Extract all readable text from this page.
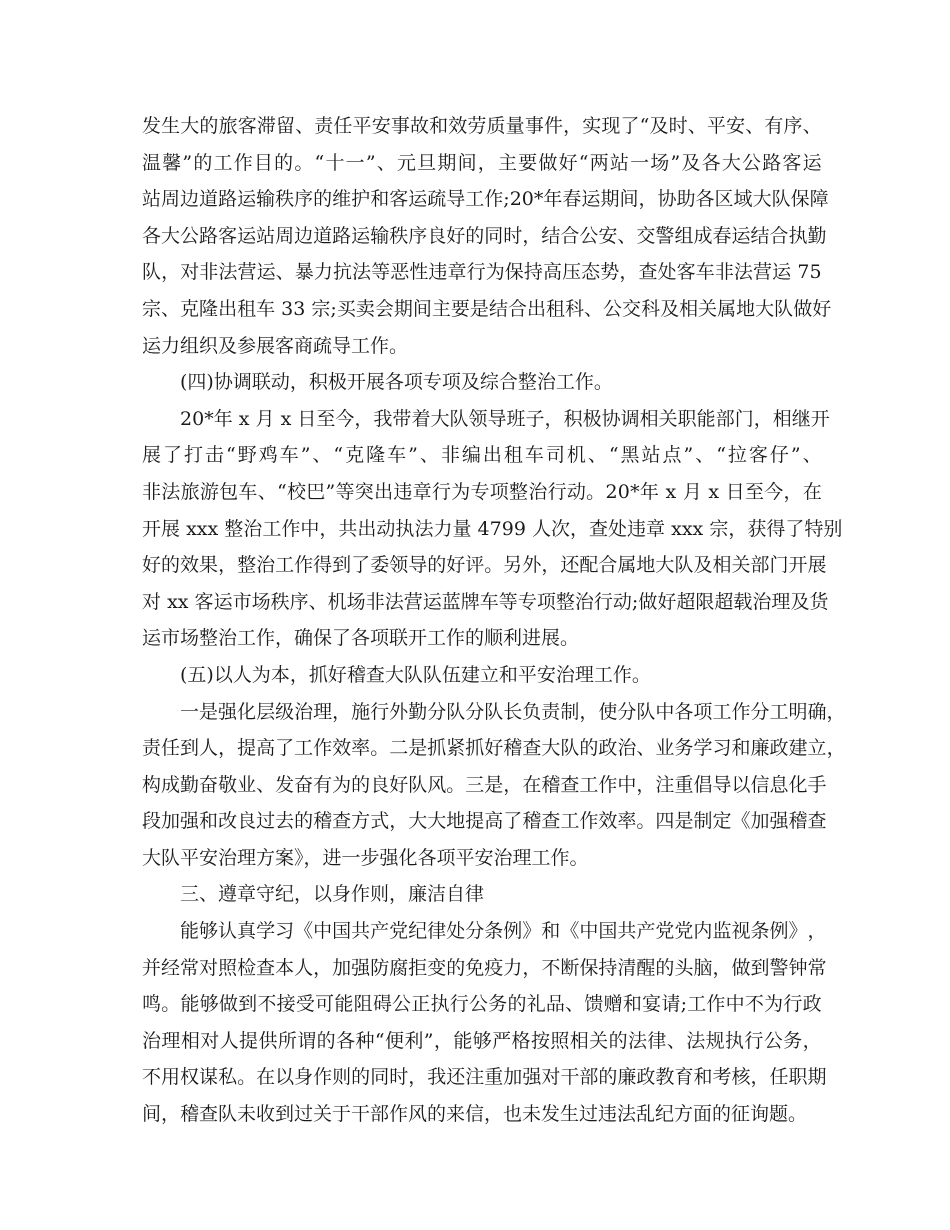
发 生 大 的 旅 客 滞 留 、 责 任 平 安 事 故 和 效 劳 质 量 事 件 ， 实 现 了 “ 及 时 、 平 安 、 有 序 、
温 馨 ” 的 工 作 目 的 。 “ 十 一 ” 、 元 旦 期 间 ， 主 要 做 好 “ 两 站 一 场 ” 及 各 大 公 路 客 运
站 周 边 道 路 运 输 秩 序 的 维 护 和 客 运 疏 导 工 作 ; 2 0 * 年 春 运 期 间 ， 协 助 各 区 域 大 队 保 障
各 大 公 路 客 运 站 周 边 道 路 运 输 秩 序 良 好 的 同 时 ， 结 合 公 安 、 交 警 组 成 春 运 结 合 执 勤
队 ， 对 非 法 营 运 、 暴 力 抗 法 等 恶 性 违 章 行 为 保 持 高 压 态 势 ， 查 处 客 车 非 法 营 运
7 5
宗 、 克 隆 出 租 车
3 3
宗 ; 买 卖 会 期 间 主 要 是 结 合 出 租 科 、 公 交 科 及 相 关 属 地 大 队 做 好
运力组织及参展客商疏导工作。
(四)协调联动，积极开展各项专项及综合整治工作。
2 0 * 年
x
月
x
日 至 今 ， 我 带 着 大 队 领 导 班 子 ， 积 极 协 调 相 关 职 能 部 门 ， 相 继 开
展 了 打 击 “ 野 鸡 车 ” 、 “ 克 隆 车 ” 、 非 编 出 租 车 司 机 、 “ 黑 站 点 ” 、 “ 拉 客 仔 ” 、
非 法 旅 游 包 车 、 “ 校 巴 ” 等 突 出 违 章 行 为 专 项 整 治 行 动 。 2 0 * 年
x
月
x
日 至 今 ， 在
开 展
x x x
整 治 工 作 中 ， 共 出 动 执 法 力 量
4 7 9 9
人 次 ， 查 处 违 章
x x x
宗 ， 获 得 了 特 别
好 的 效 果 ， 整 治 工 作 得 到 了 委 领 导 的 好 评 。 另 外 ， 还 配 合 属 地 大 队 及 相 关 部 门 开 展
对
x x
客 运 市 场 秩 序 、 机 场 非 法 营 运 蓝 牌 车 等 专 项 整 治 行 动 ; 做 好 超 限 超 载 治 理 及 货
运市场整治工作，确保了各项联开工作的顺利进展。
(五)以人为本，抓好稽查大队队伍建立和平安治理工作。
一 是 强 化 层 级 治 理 ， 施 行 外 勤 分 队 分 队 长 负 责 制 ， 使 分 队 中 各 项 工 作 分 工 明 确 ，
责 任 到 人 ， 提 高 了 工 作 效 率 。 二 是 抓 紧 抓 好 稽 查 大 队 的 政 治 、 业 务 学 习 和 廉 政 建 立 ，
构 成 勤 奋 敬 业 、 发 奋 有 为 的 良 好 队 风 。 三 是 ， 在 稽 查 工 作 中 ， 注 重 倡 导 以 信 息 化 手
段 加 强 和 改 良 过 去 的 稽 查 方 式 ， 大 大 地 提 高 了 稽 查 工 作 效 率 。 四 是 制 定 《 加 强 稽 查
大队平安治理方案》，进一步强化各项平安治理工作。
三、遵章守纪，以身作则，廉洁自律
能 够 认 真 学 习 《 中 国 共 产 党 纪 律 处 分 条 例 》 和 《 中 国 共 产 党 党 内 监 视 条 例 》 ，
并 经 常 对 照 检 查 本 人 ， 加 强 防 腐 拒 变 的 免 疫 力 ， 不 断 保 持 清 醒 的 头 脑 ， 做 到 警 钟 常
鸣 。 能 够 做 到 不 接 受 可 能 阻 碍 公 正 执 行 公 务 的 礼 品 、 馈 赠 和 宴 请 ; 工 作 中 不 为 行 政
治 理 相 对 人 提 供 所 谓 的 各 种 “ 便 利 ” ， 能 够 严 格 按 照 相 关 的 法 律 、 法 规 执 行 公 务 ，
不 用 权 谋 私 。 在 以 身 作 则 的 同 时 ， 我 还 注 重 加 强 对 干 部 的 廉 政 教 育 和 考 核 ， 任 职 期
间，稽查队未收到过关于干部作风的来信，也未发生过违法乱纪方面的征询题。
